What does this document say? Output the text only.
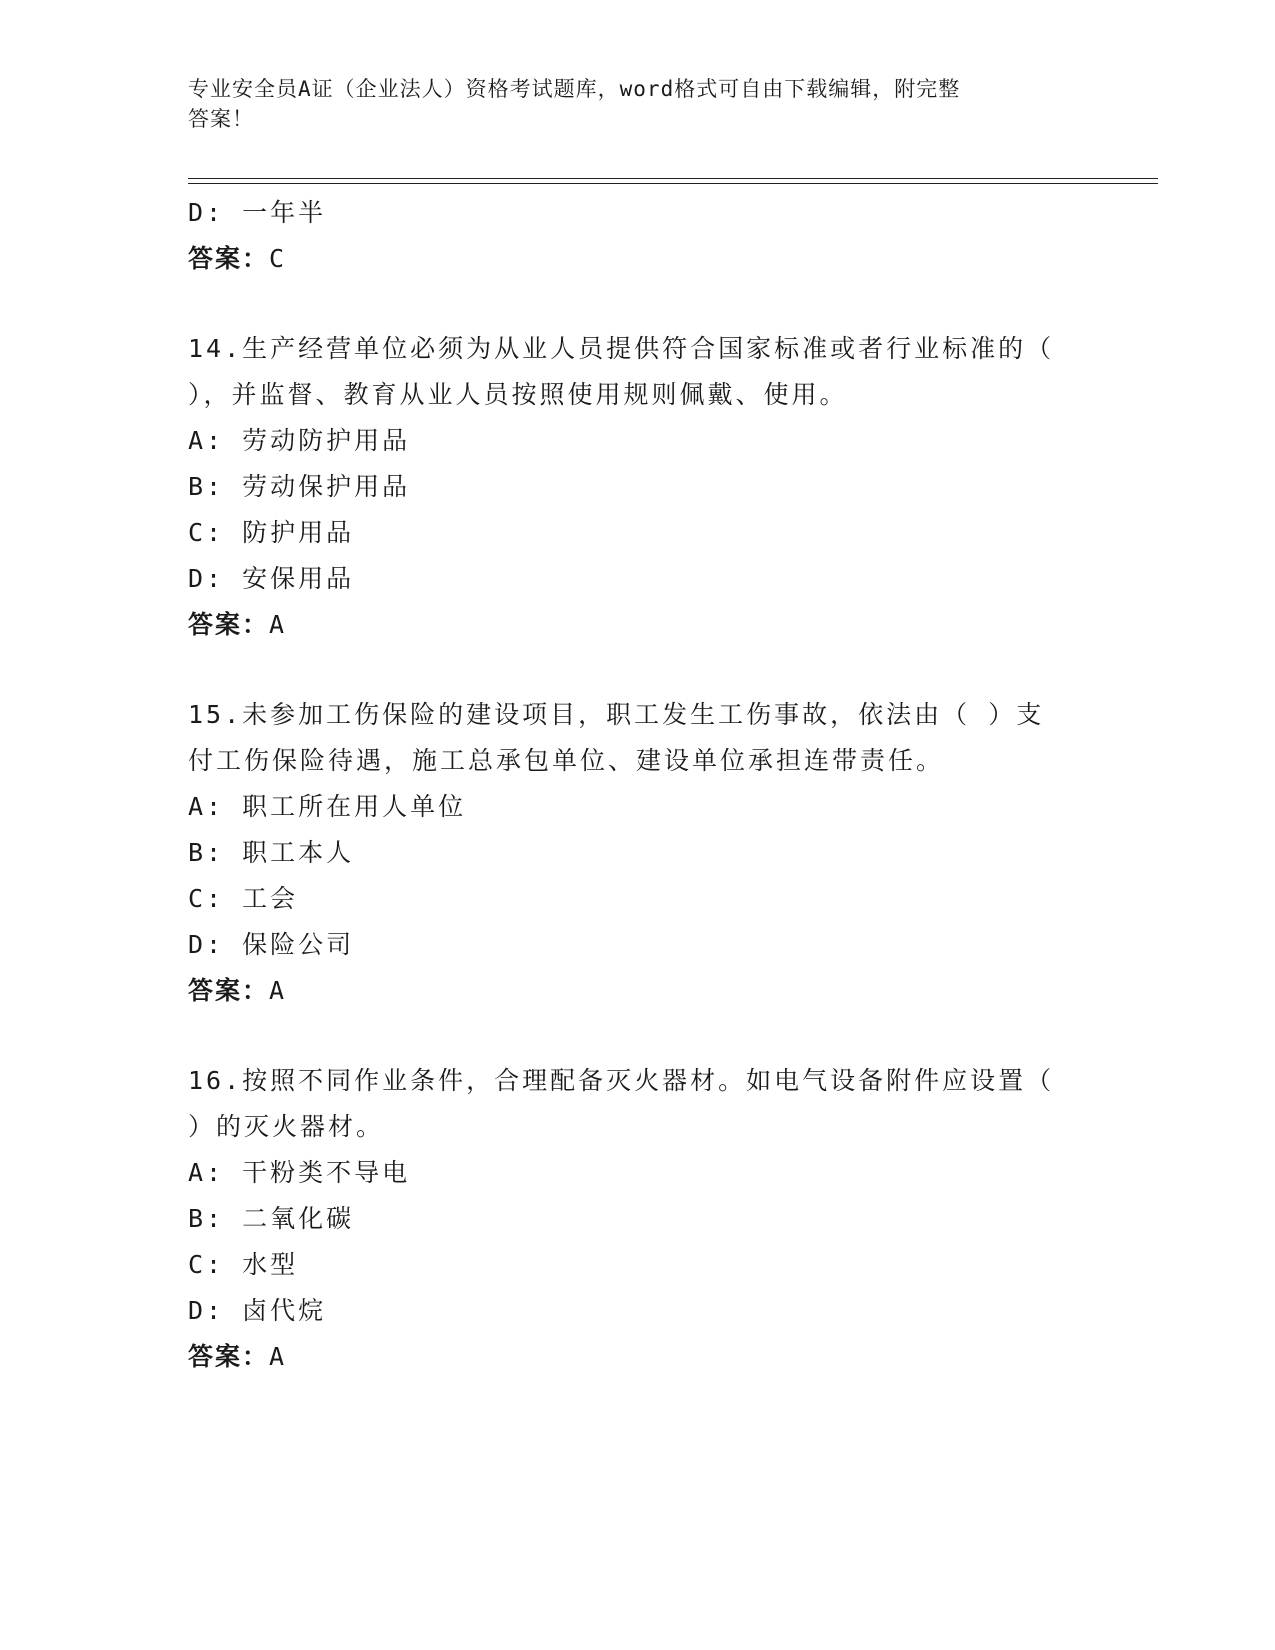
专业安全员A证（企业法人）资格考试题库，word格式可自由下载编辑，附完整
答案！
D: 一年半
答案：C
14.生产经营单位必须为从业人员提供符合国家标准或者行业标准的（
），并监督、教育从业人员按照使用规则佩戴、使用。
A: 劳动防护用品
B: 劳动保护用品
C: 防护用品
D: 安保用品
答案：A
15.未参加工伤保险的建设项目，职工发生工伤事故，依法由（ ）支
付工伤保险待遇，施工总承包单位、建设单位承担连带责任。
A: 职工所在用人单位
B: 职工本人
C: 工会
D: 保险公司
答案：A
16.按照不同作业条件，合理配备灭火器材。如电气设备附件应设置（
）的灭火器材。
A: 干粉类不导电
B: 二氧化碳
C: 水型
D: 卤代烷
答案：A
